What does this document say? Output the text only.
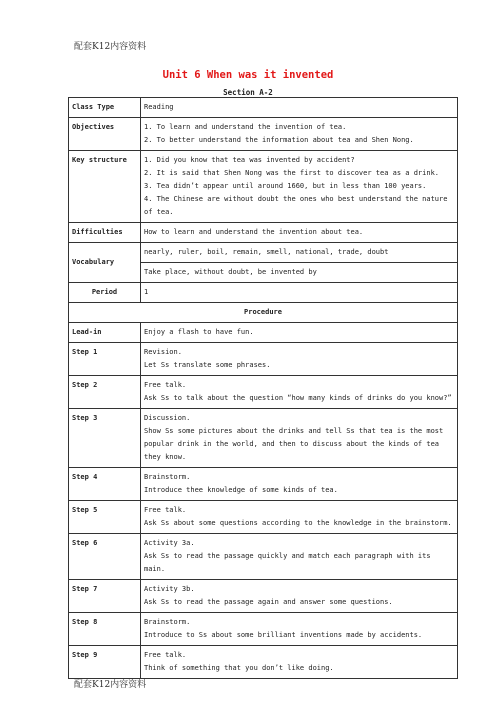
配套K12内容资料
Unit 6 When was it invented
Section A-2
Class Type	Reading
Objectives	1. To learn and understand the invention of tea.
2. To better understand the information about tea and Shen Nong.

Key structure	1. Did you know that tea was invented by accident?
2. It is said that Shen Nong was the first to discover tea as a drink.
3. Tea didn’t appear until around 1660, but in less than 100 years.
4. The Chinese are without doubt the ones who best understand the nature of tea.

Difficulties	How to learn and understand the invention about tea.
Vocabulary	nearly, ruler, boil, remain, smell, national, trade, doubt
	Take place, without doubt, be invented by
Period	1
Procedure	
Lead-in	Enjoy a flash to have fun.

Step 1	Revision.
Let Ss translate some phrases.

Step 2	Free talk.
Ask Ss to talk about the question “how many kinds of drinks do you know?”

Step 3	Discussion.
Show Ss some pictures about the drinks and tell Ss that tea is the most popular drink in the world, and then to discuss about the kinds of tea they know.

Step 4	Brainstorm.
Introduce thee knowledge of some kinds of tea.

Step 5	Free talk.
Ask Ss about some questions according to the knowledge in the brainstorm.

Step 6	Activity 3a.
Ask Ss to read the passage quickly and match each paragraph with its main.

Step 7	Activity 3b.
Ask Ss to read the passage again and answer some questions.

Step 8	Brainstorm.
Introduce to Ss about some brilliant inventions made by accidents.

Step 9	Free talk.
Think of something that you don’t like doing.
配套K12内容资料
